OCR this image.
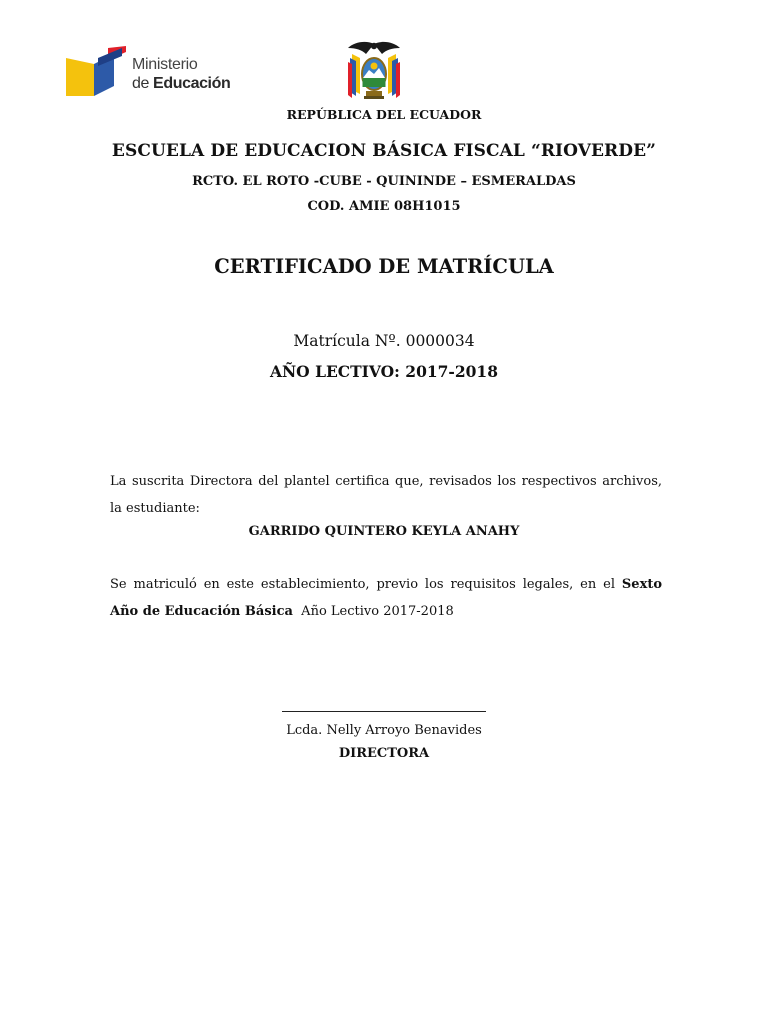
Ministerio
de Educación
REPÚBLICA DEL ECUADOR
ESCUELA DE EDUCACION BÁSICA FISCAL “RIOVERDE”
RCTO. EL ROTO -CUBE - QUININDE – ESMERALDAS
COD. AMIE 08H1015
CERTIFICADO DE MATRÍCULA
Matrícula Nº. 0000034
AÑO LECTIVO: 2017-2018
La suscrita Directora del plantel certifica que, revisados los respectivos archivos, la estudiante:
GARRIDO QUINTERO KEYLA ANAHY
Se matriculó en este establecimiento, previo los requisitos legales, en el Sexto Año de Educación Básica  Año Lectivo 2017-2018
Lcda. Nelly Arroyo Benavides
DIRECTORA
